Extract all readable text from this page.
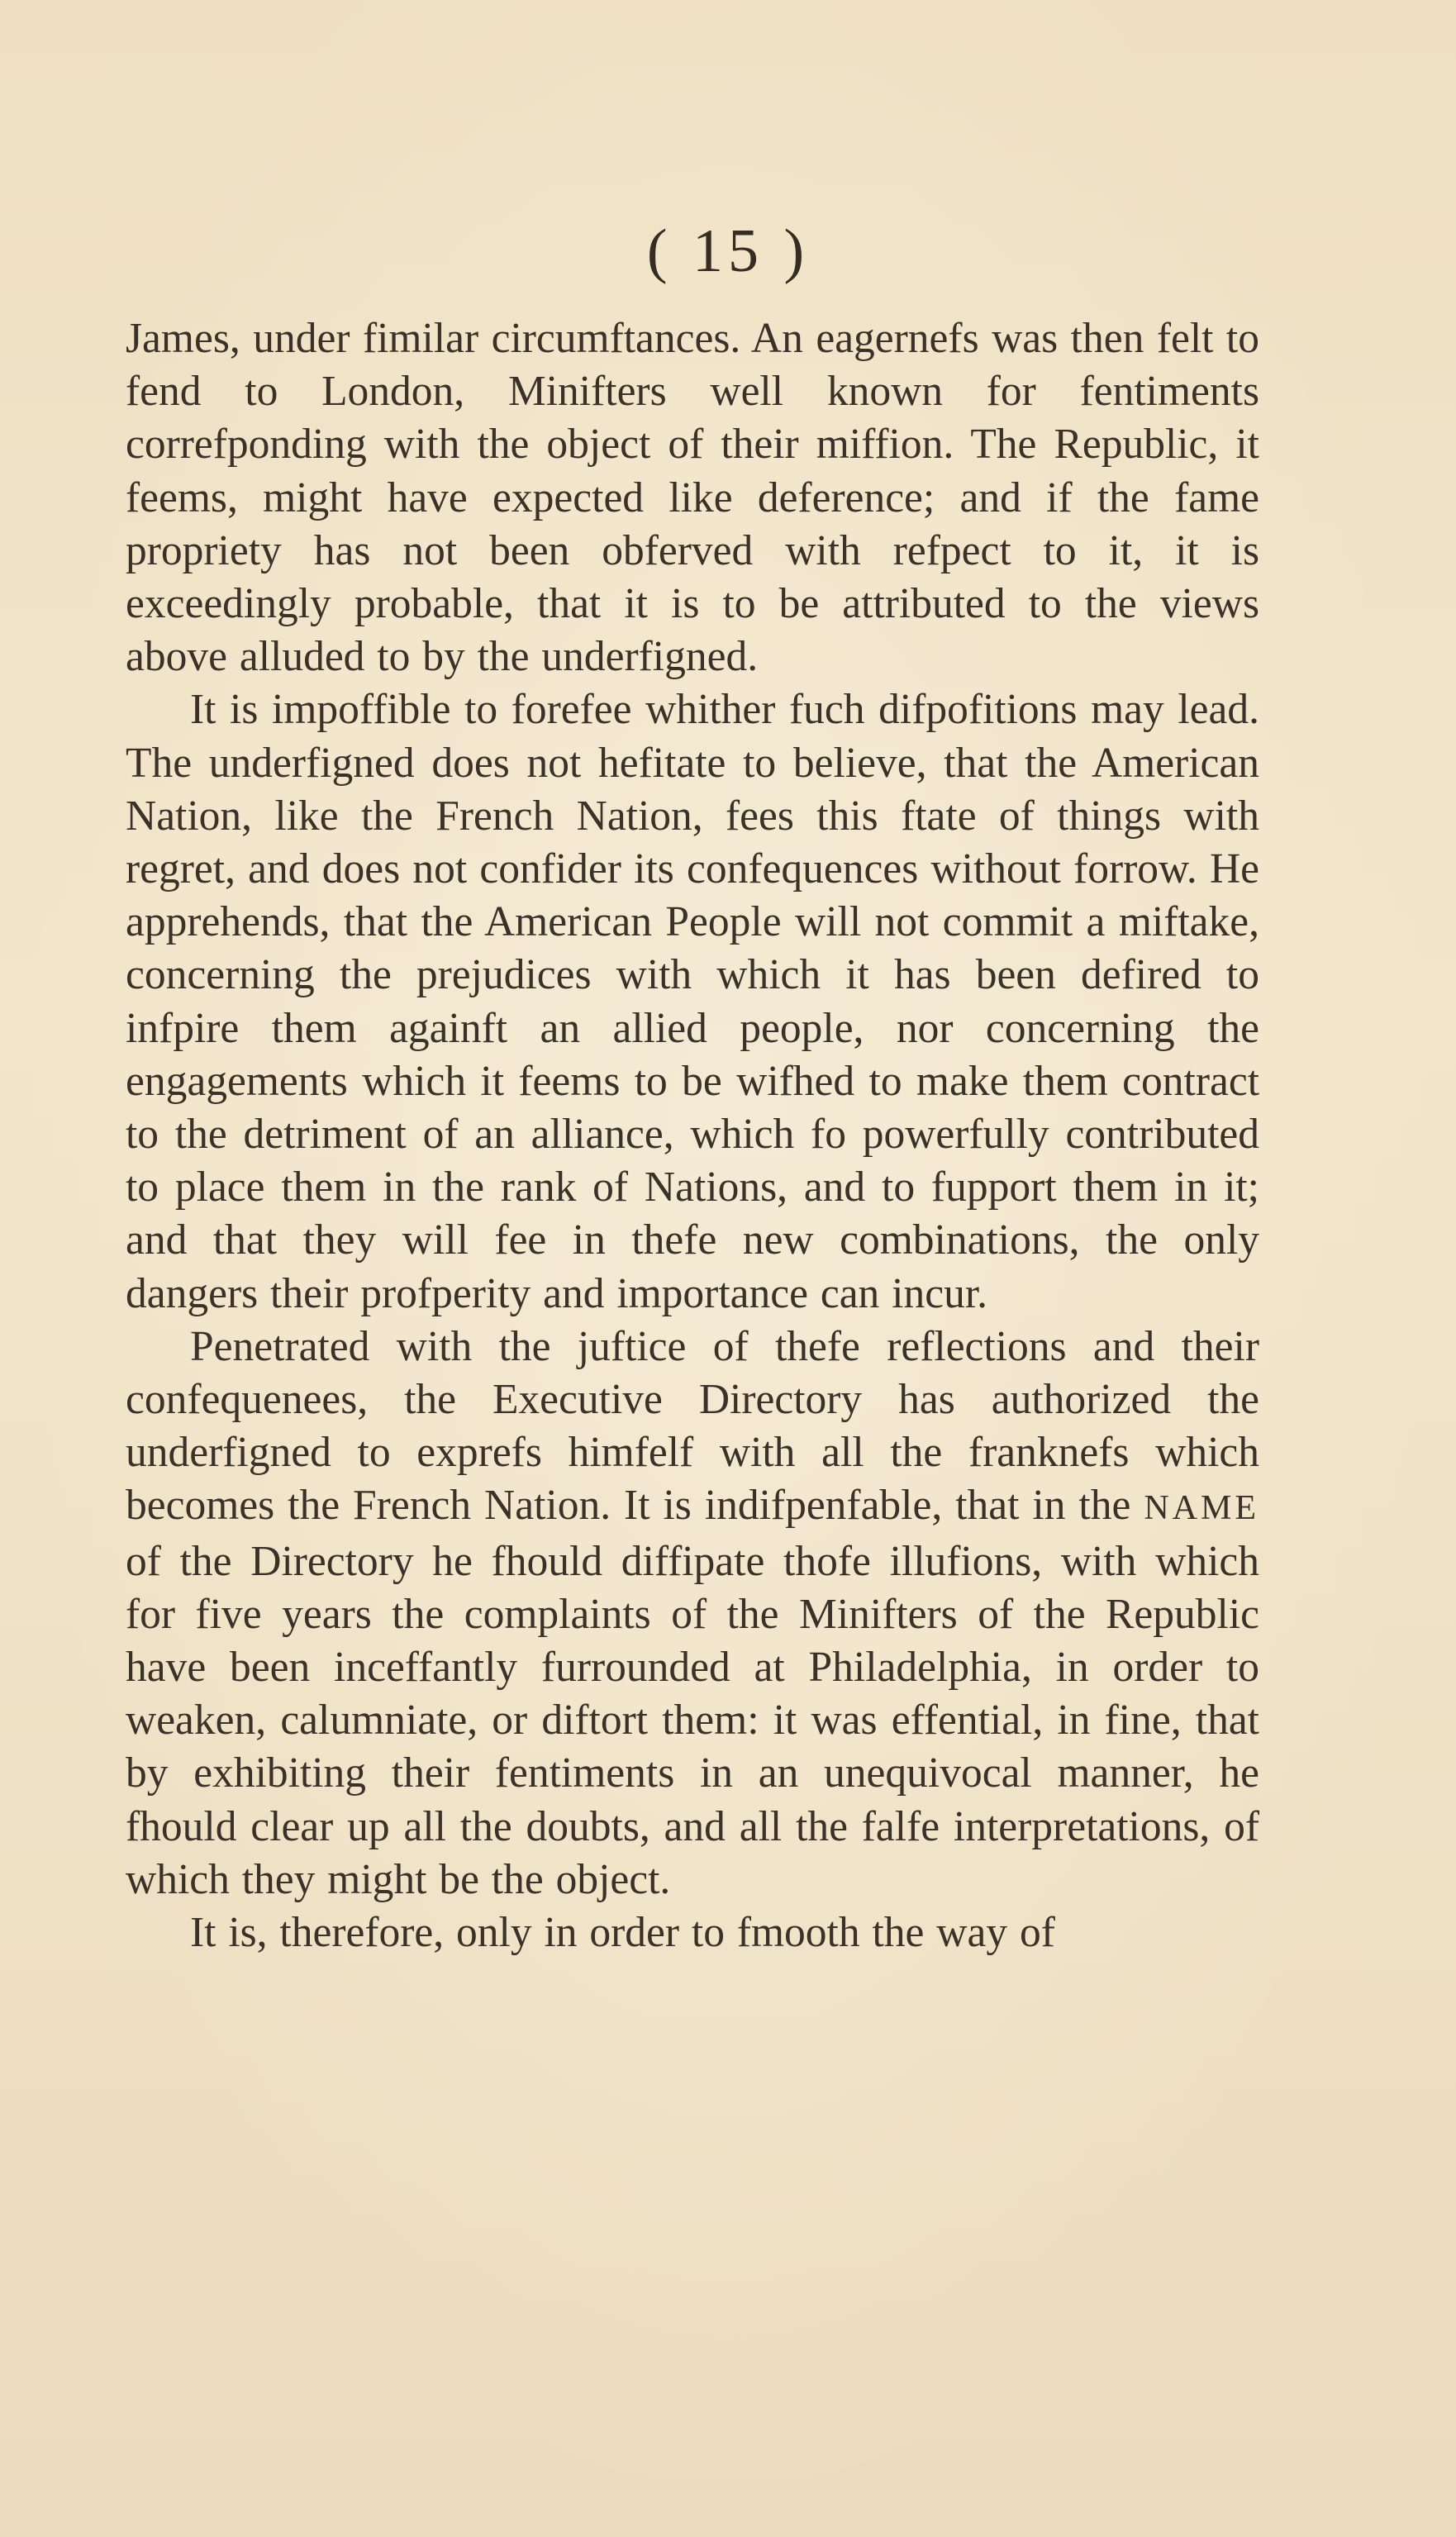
( 15 )

James, under fimilar circumftances. An eagernefs was then felt to fend to London, Minifters well known for fentiments correfponding with the object of their miffion. The Republic, it feems, might have expected like deference; and if the fame propriety has not been obferved with refpect to it, it is exceedingly probable, that it is to be attributed to the views above alluded to by the underfigned.

It is impoffible to forefee whither fuch difpofitions may lead. The underfigned does not hefitate to believe, that the American Nation, like the French Nation, fees this ftate of things with regret, and does not confider its confequences without forrow. He apprehends, that the American People will not commit a miftake, concerning the prejudices with which it has been defired to infpire them againft an allied people, nor concerning the engagements which it feems to be wifhed to make them contract to the detriment of an alliance, which fo powerfully contributed to place them in the rank of Nations, and to fupport them in it; and that they will fee in thefe new combinations, the only dangers their profperity and importance can incur.

Penetrated with the juftice of thefe reflections and their confequenees, the Executive Directory has authorized the underfigned to exprefs himfelf with all the franknefs which becomes the French Nation. It is indifpenfable, that in the NAME of the Directory he fhould diffipate thofe illufions, with which for five years the complaints of the Minifters of the Republic have been inceffantly furrounded at Philadelphia, in order to weaken, calumniate, or diftort them: it was effential, in fine, that by exhibiting their fentiments in an unequivocal manner, he fhould clear up all the doubts, and all the falfe interpretations, of which they might be the object.

It is, therefore, only in order to fmooth the way of
